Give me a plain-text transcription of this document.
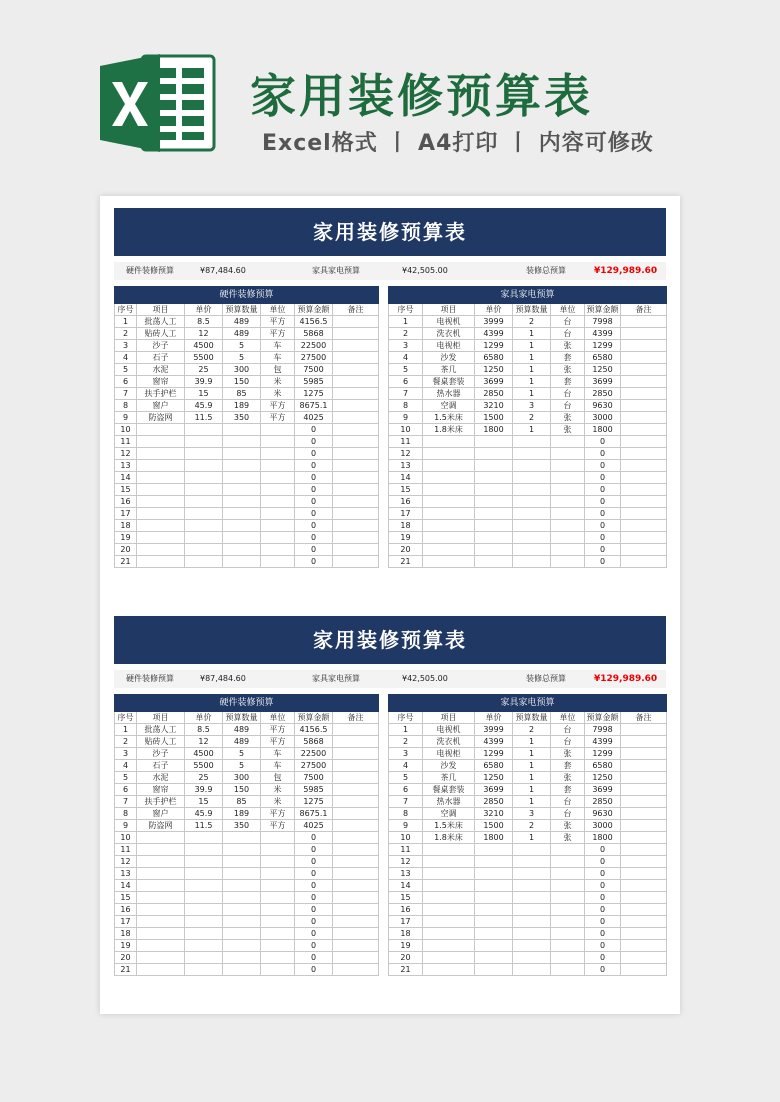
家用装修预算表
Excel格式 丨 A4打印 丨 内容可修改
家用装修预算表
硬件装修预算	¥87,484.60	家具家电预算	¥42,505.00	装修总预算	¥129,989.60
硬件装修预算						
序号	项目	单价	预算数量	单位	预算金额	备注
1	批荡人工	8.5	489	平方	4156.5	
2	贴砖人工	12	489	平方	5868	
3	沙子	4500	5	车	22500	
4	石子	5500	5	车	27500	
5	水泥	25	300	包	7500	
6	窗帘	39.9	150	米	5985	
7	扶手护栏	15	85	米	1275	
8	窗户	45.9	189	平方	8675.1	
9	防盗网	11.5	350	平方	4025	
10					0	
11					0	
12					0	
13					0	
14					0	
15					0	
16					0	
17					0	
18					0	
19					0	
20					0	
21					0	
家具家电预算						
序号	项目	单价	预算数量	单位	预算金额	备注
1	电视机	3999	2	台	7998	
2	洗衣机	4399	1	台	4399	
3	电视柜	1299	1	张	1299	
4	沙发	6580	1	套	6580	
5	茶几	1250	1	张	1250	
6	餐桌套装	3699	1	套	3699	
7	热水器	2850	1	台	2850	
8	空调	3210	3	台	9630	
9	1.5米床	1500	2	张	3000	
10	1.8米床	1800	1	张	1800	
11					0	
12					0	
13					0	
14					0	
15					0	
16					0	
17					0	
18					0	
19					0	
20					0	
21					0	
家用装修预算表
硬件装修预算	¥87,484.60	家具家电预算	¥42,505.00	装修总预算	¥129,989.60
硬件装修预算						
序号	项目	单价	预算数量	单位	预算金额	备注
1	批荡人工	8.5	489	平方	4156.5	
2	贴砖人工	12	489	平方	5868	
3	沙子	4500	5	车	22500	
4	石子	5500	5	车	27500	
5	水泥	25	300	包	7500	
6	窗帘	39.9	150	米	5985	
7	扶手护栏	15	85	米	1275	
8	窗户	45.9	189	平方	8675.1	
9	防盗网	11.5	350	平方	4025	
10					0	
11					0	
12					0	
13					0	
14					0	
15					0	
16					0	
17					0	
18					0	
19					0	
20					0	
21					0	
家具家电预算						
序号	项目	单价	预算数量	单位	预算金额	备注
1	电视机	3999	2	台	7998	
2	洗衣机	4399	1	台	4399	
3	电视柜	1299	1	张	1299	
4	沙发	6580	1	套	6580	
5	茶几	1250	1	张	1250	
6	餐桌套装	3699	1	套	3699	
7	热水器	2850	1	台	2850	
8	空调	3210	3	台	9630	
9	1.5米床	1500	2	张	3000	
10	1.8米床	1800	1	张	1800	
11					0	
12					0	
13					0	
14					0	
15					0	
16					0	
17					0	
18					0	
19					0	
20					0	
21					0	
